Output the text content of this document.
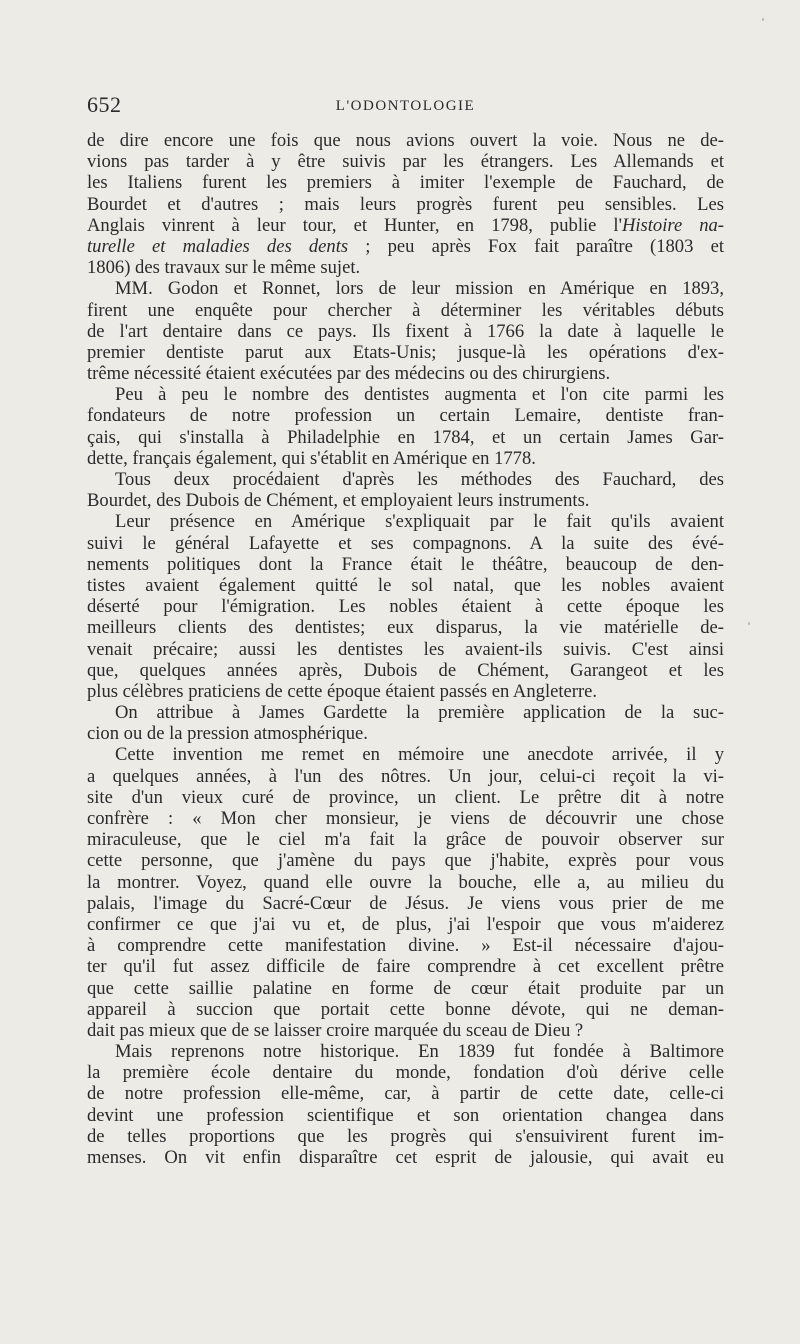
652	L'ODONTOLOGIE
de dire encore une fois que nous avions ouvert la voie. Nous ne de-
vions pas tarder à y être suivis par les étrangers. Les Allemands et
les Italiens furent les premiers à imiter l'exemple de Fauchard, de
Bourdet et d'autres ; mais leurs progrès furent peu sensibles. Les
Anglais vinrent à leur tour, et Hunter, en 1798, publie l'Histoire na-
turelle et maladies des dents ; peu après Fox fait paraître (1803 et
1806) des travaux sur le même sujet.
MM. Godon et Ronnet, lors de leur mission en Amérique en 1893,
firent une enquête pour chercher à déterminer les véritables débuts
de l'art dentaire dans ce pays. Ils fixent à 1766 la date à laquelle le
premier dentiste parut aux Etats-Unis; jusque-là les opérations d'ex-
trême nécessité étaient exécutées par des médecins ou des chirurgiens.
Peu à peu le nombre des dentistes augmenta et l'on cite parmi les
fondateurs de notre profession un certain Lemaire, dentiste fran-
çais, qui s'installa à Philadelphie en 1784, et un certain James Gar-
dette, français également, qui s'établit en Amérique en 1778.
Tous deux procédaient d'après les méthodes des Fauchard, des
Bourdet, des Dubois de Chément, et employaient leurs instruments.
Leur présence en Amérique s'expliquait par le fait qu'ils avaient
suivi le général Lafayette et ses compagnons. A la suite des évé-
nements politiques dont la France était le théâtre, beaucoup de den-
tistes avaient également quitté le sol natal, que les nobles avaient
déserté pour l'émigration. Les nobles étaient à cette époque les
meilleurs clients des dentistes; eux disparus, la vie matérielle de-
venait précaire; aussi les dentistes les avaient-ils suivis. C'est ainsi
que, quelques années après, Dubois de Chément, Garangeot et les
plus célèbres praticiens de cette époque étaient passés en Angleterre.
On attribue à James Gardette la première application de la suc-
cion ou de la pression atmosphérique.
Cette invention me remet en mémoire une anecdote arrivée, il y
a quelques années, à l'un des nôtres. Un jour, celui-ci reçoit la vi-
site d'un vieux curé de province, un client. Le prêtre dit à notre
confrère : « Mon cher monsieur, je viens de découvrir une chose
miraculeuse, que le ciel m'a fait la grâce de pouvoir observer sur
cette personne, que j'amène du pays que j'habite, exprès pour vous
la montrer. Voyez, quand elle ouvre la bouche, elle a, au milieu du
palais, l'image du Sacré-Cœur de Jésus. Je viens vous prier de me
confirmer ce que j'ai vu et, de plus, j'ai l'espoir que vous m'aiderez
à comprendre cette manifestation divine. » Est-il nécessaire d'ajou-
ter qu'il fut assez difficile de faire comprendre à cet excellent prêtre
que cette saillie palatine en forme de cœur était produite par un
appareil à succion que portait cette bonne dévote, qui ne deman-
dait pas mieux que de se laisser croire marquée du sceau de Dieu ?
Mais reprenons notre historique. En 1839 fut fondée à Baltimore
la première école dentaire du monde, fondation d'où dérive celle
de notre profession elle-même, car, à partir de cette date, celle-ci
devint une profession scientifique et son orientation changea dans
de telles proportions que les progrès qui s'ensuivirent furent im-
menses. On vit enfin disparaître cet esprit de jalousie, qui avait eu
